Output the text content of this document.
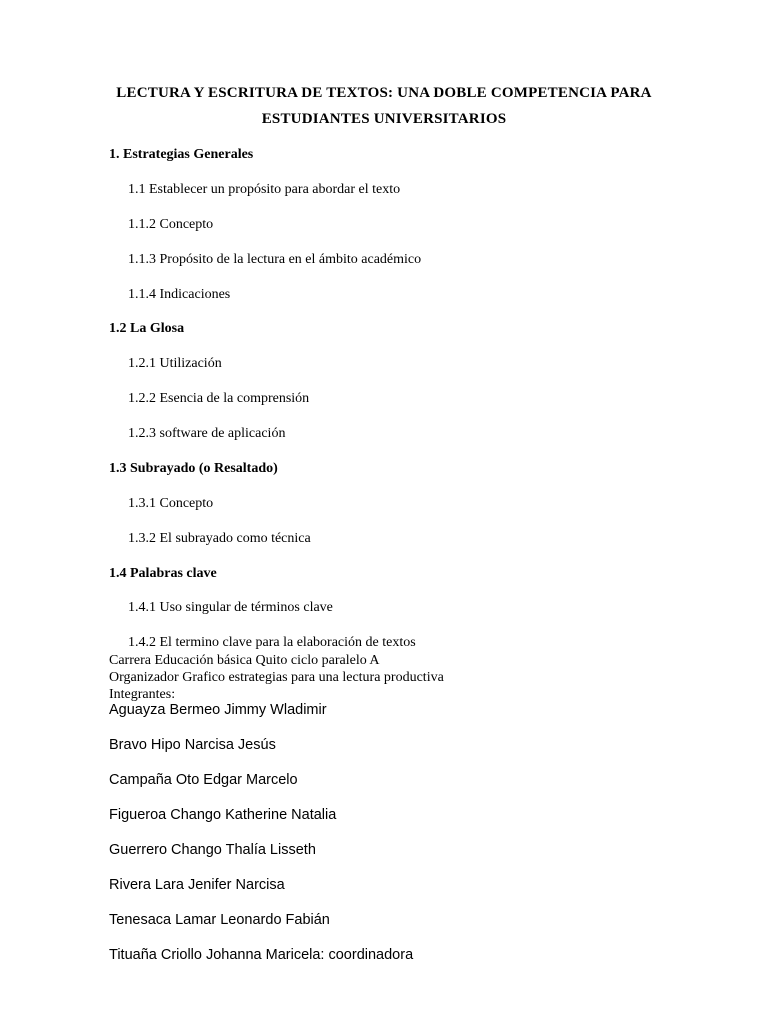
LECTURA Y ESCRITURA DE TEXTOS: UNA DOBLE COMPETENCIA PARA
ESTUDIANTES UNIVERSITARIOS
1. Estrategias Generales
1.1 Establecer un propósito para abordar el texto
1.1.2 Concepto
1.1.3 Propósito de la lectura en el ámbito académico
1.1.4 Indicaciones
1.2 La Glosa
1.2.1 Utilización
1.2.2 Esencia de la comprensión
1.2.3 software de aplicación
1.3 Subrayado (o Resaltado)
1.3.1 Concepto
1.3.2 El subrayado como técnica
1.4 Palabras clave
1.4.1 Uso singular de términos clave
1.4.2 El termino clave para la elaboración de textos
Carrera Educación básica Quito ciclo paralelo A
Organizador Grafico estrategias para una lectura productiva
Integrantes:
Aguayza Bermeo Jimmy Wladimir
Bravo Hipo Narcisa Jesús
Campaña Oto Edgar Marcelo
Figueroa Chango Katherine Natalia
Guerrero Chango Thalía Lisseth
Rivera Lara Jenifer Narcisa
Tenesaca Lamar Leonardo Fabián
Tituaña Criollo Johanna Maricela: coordinadora
